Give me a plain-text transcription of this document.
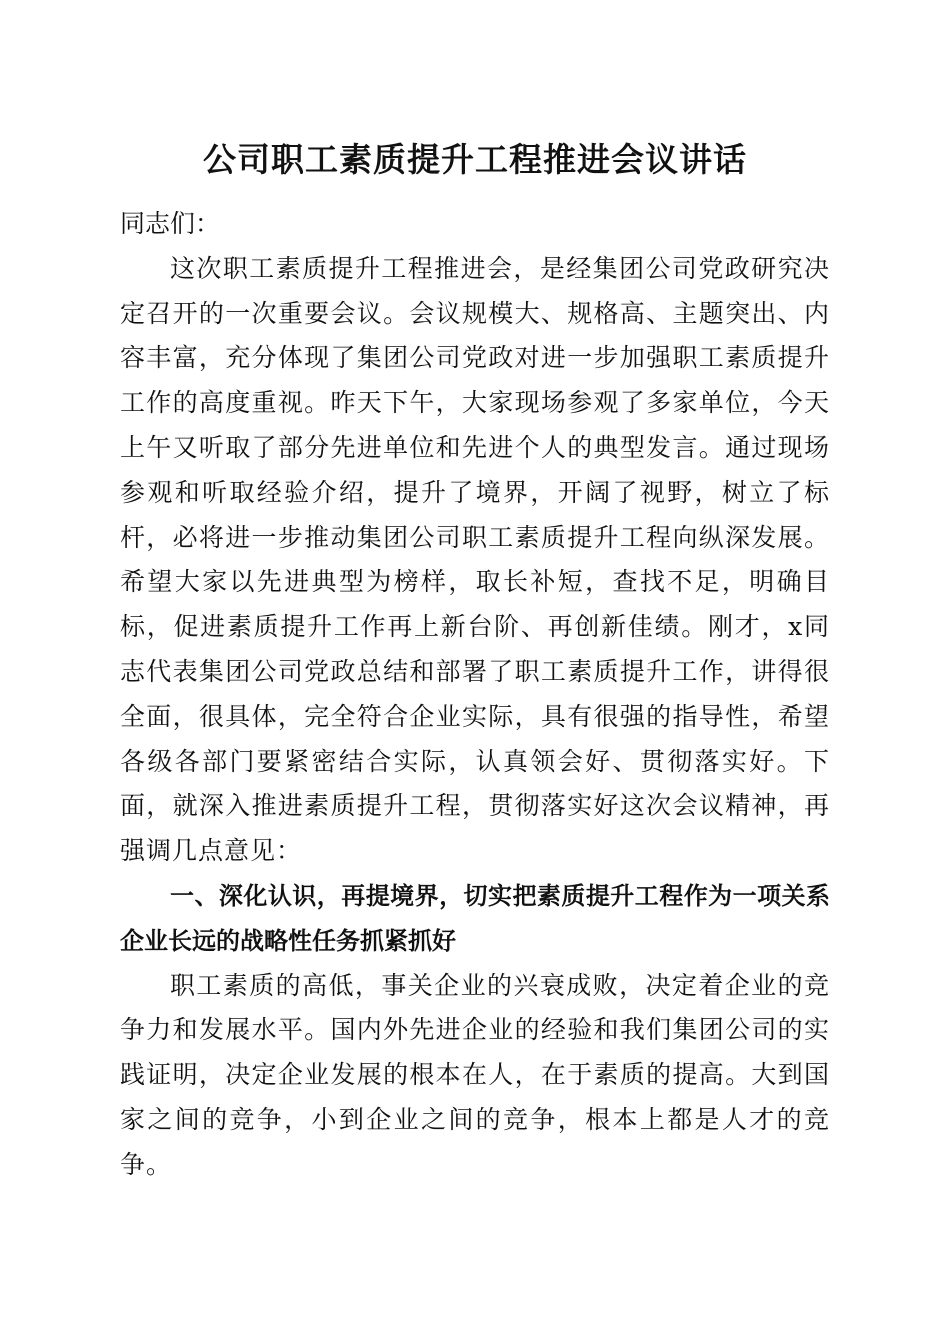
公司职工素质提升工程推进会议讲话

同志们：

这次职工素质提升工程推进会，是经集团公司党政研究决定召开的一次重要会议。会议规模大、规格高、主题突出、内容丰富，充分体现了集团公司党政对进一步加强职工素质提升工作的高度重视。昨天下午，大家现场参观了多家单位，今天上午又听取了部分先进单位和先进个人的典型发言。通过现场参观和听取经验介绍，提升了境界，开阔了视野，树立了标杆，必将进一步推动集团公司职工素质提升工程向纵深发展。希望大家以先进典型为榜样，取长补短，查找不足，明确目标，促进素质提升工作再上新台阶、再创新佳绩。刚才，x同志代表集团公司党政总结和部署了职工素质提升工作，讲得很全面，很具体，完全符合企业实际，具有很强的指导性，希望各级各部门要紧密结合实际，认真领会好、贯彻落实好。下面，就深入推进素质提升工程，贯彻落实好这次会议精神，再强调几点意见：

一、深化认识，再提境界，切实把素质提升工程作为一项关系企业长远的战略性任务抓紧抓好

职工素质的高低，事关企业的兴衰成败，决定着企业的竞争力和发展水平。国内外先进企业的经验和我们集团公司的实践证明，决定企业发展的根本在人，在于素质的提高。大到国家之间的竞争，小到企业之间的竞争，根本上都是人才的竞争。
